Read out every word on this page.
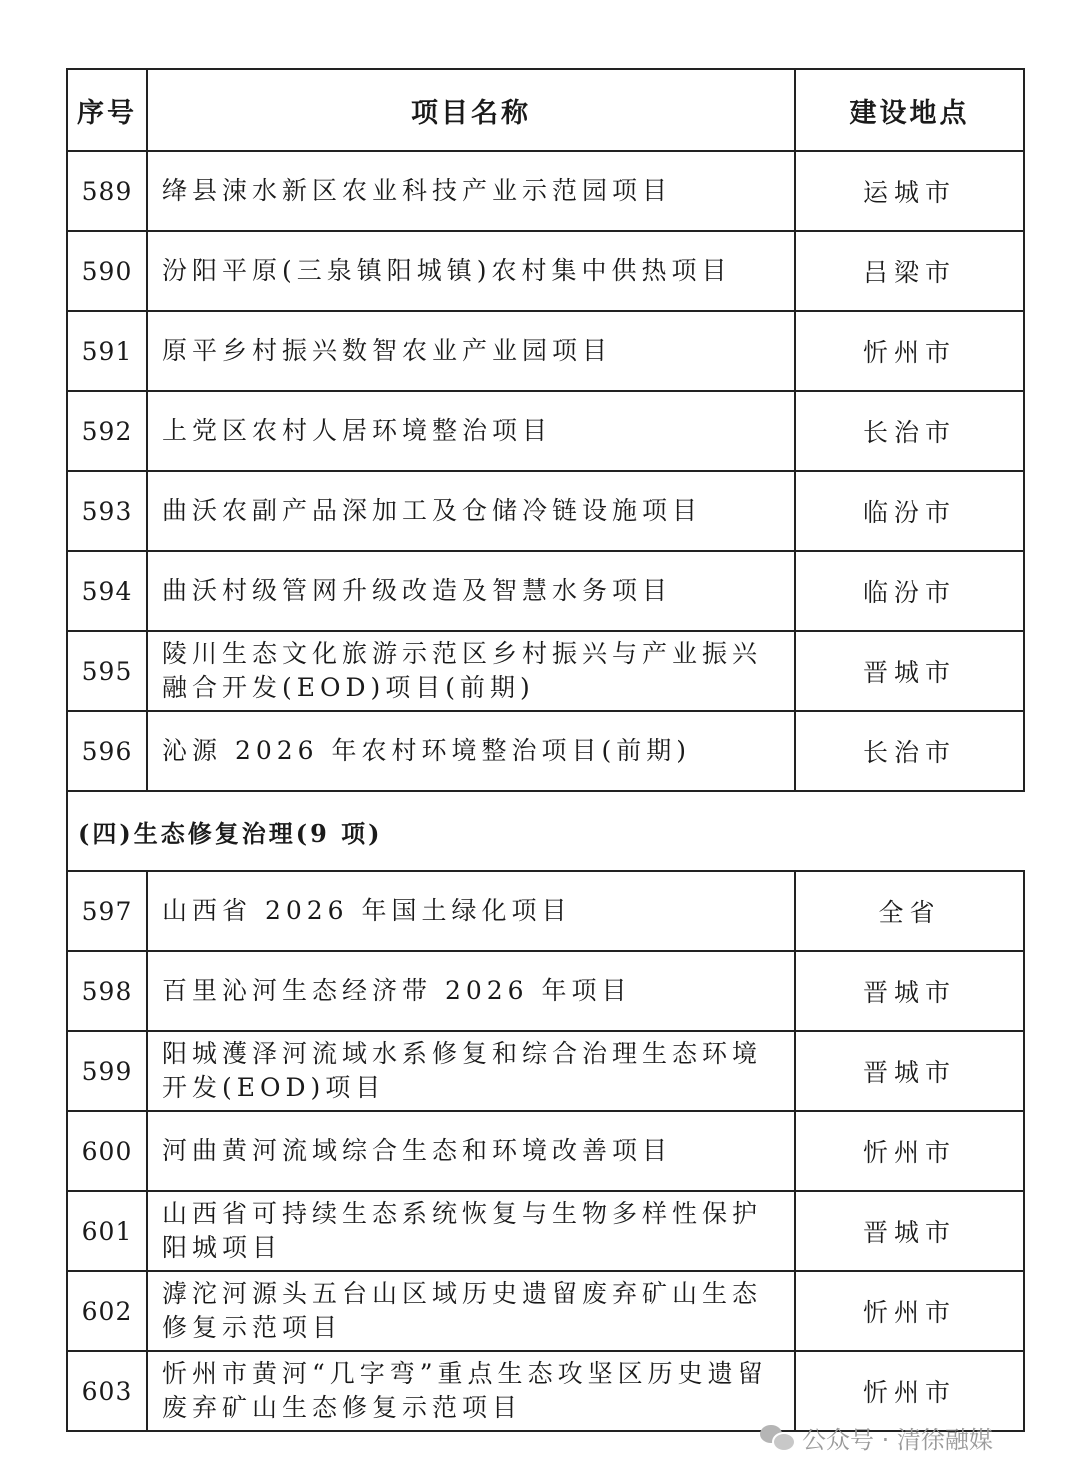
序号	项目名称	建设地点
589	绛县涑水新区农业科技产业示范园项目	运城市
590	汾阳平原(三泉镇阳城镇)农村集中供热项目	吕梁市
591	原平乡村振兴数智农业产业园项目	忻州市
592	上党区农村人居环境整治项目	长治市
593	曲沃农副产品深加工及仓储冷链设施项目	临汾市
594	曲沃村级管网升级改造及智慧水务项目	临汾市
595	陵川生态文化旅游示范区乡村振兴与产业振兴融合开发(EOD)项目(前期)	晋城市
596	沁源 2026 年农村环境整治项目(前期)	长治市
(四)生态修复治理(9 项)		
597	山西省 2026 年国土绿化项目	全省
598	百里沁河生态经济带 2026 年项目	晋城市
599	阳城濩泽河流域水系修复和综合治理生态环境开发(EOD)项目	晋城市
600	河曲黄河流域综合生态和环境改善项目	忻州市
601	山西省可持续生态系统恢复与生物多样性保护阳城项目	晋城市
602	滹沱河源头五台山区域历史遗留废弃矿山生态修复示范项目	忻州市
603	忻州市黄河“几字弯”重点生态攻坚区历史遗留废弃矿山生态修复示范项目	忻州市
公众号 · 清徐融媒
